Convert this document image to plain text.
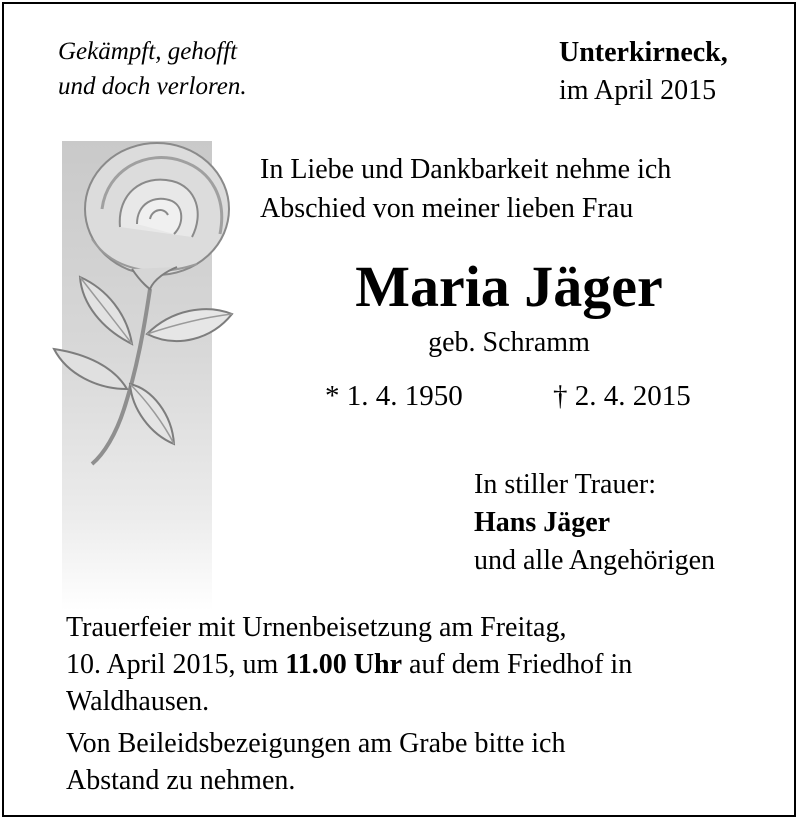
Gekämpft, gehofft
und doch verloren.
Unterkirneck,
im April 2015
In Liebe und Dankbarkeit nehme ich
Abschied von meiner lieben Frau
Maria Jäger
geb. Schramm
* 1. 4. 1950	† 2. 4. 2015
In stiller Trauer:
Hans Jäger
und alle Angehörigen
Trauerfeier mit Urnenbeisetzung am Freitag,
10. April 2015, um 11.00 Uhr auf dem Friedhof in
Waldhausen.
Von Beileidsbezeigungen am Grabe bitte ich
Abstand zu nehmen.
